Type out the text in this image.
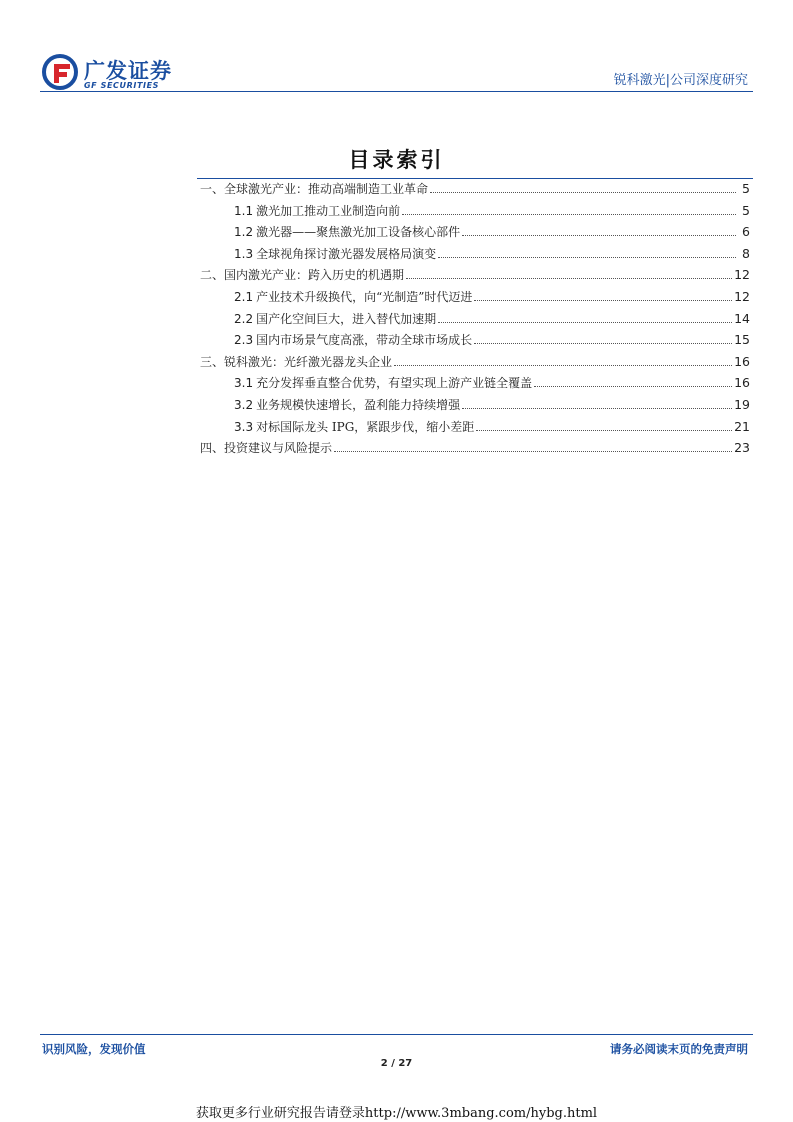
广发证券
GF SECURITIES	锐科激光|公司深度研究
目录索引
一、全球激光产业：推动高端制造工业革命	5
1.1 激光加工推动工业制造向前	5
1.2 激光器——聚焦激光加工设备核心部件	6
1.3 全球视角探讨激光器发展格局演变	8
二、国内激光产业：跨入历史的机遇期	12
2.1 产业技术升级换代，向“光制造”时代迈进	12
2.2 国产化空间巨大，进入替代加速期	14
2.3 国内市场景气度高涨，带动全球市场成长	15
三、锐科激光：光纤激光器龙头企业	16
3.1 充分发挥垂直整合优势，有望实现上游产业链全覆盖	16
3.2 业务规模快速增长，盈利能力持续增强	19
3.3 对标国际龙头 IPG，紧跟步伐，缩小差距	21
四、投资建议与风险提示	23
识别风险，发现价值	请务必阅读末页的免责声明
2 / 27
获取更多行业研究报告请登录http://www.3mbang.com/hybg.html
